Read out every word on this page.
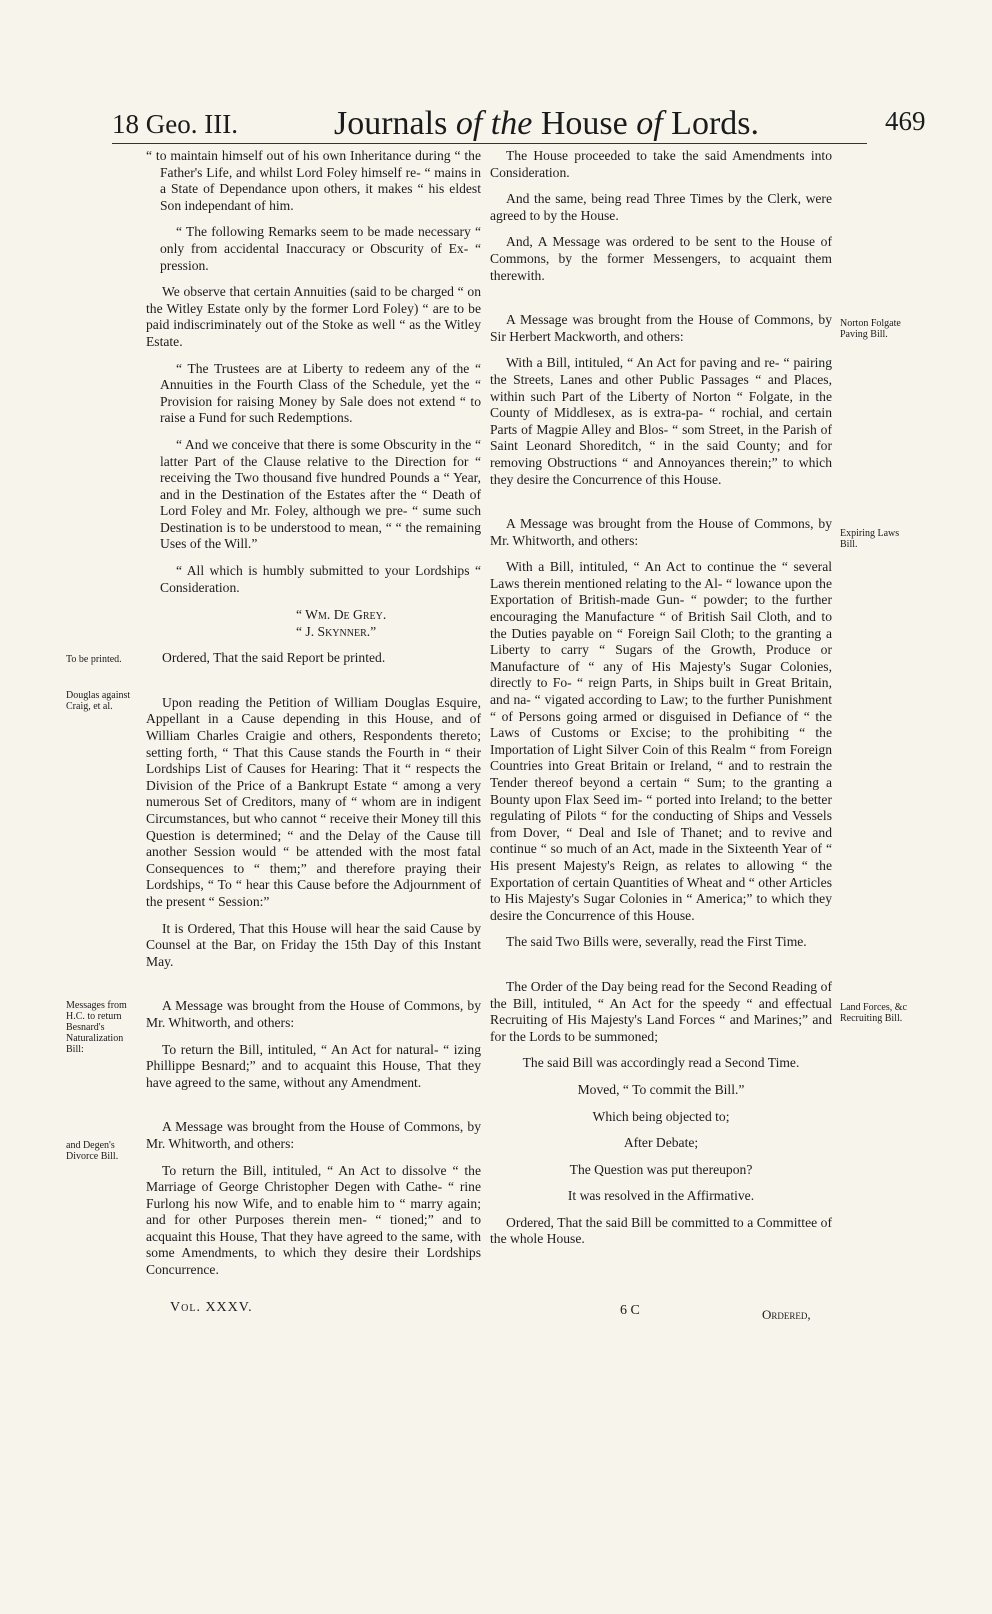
18 Geo. III.	Journals of the House of Lords.	469

“ to maintain himself out of his own Inheritance during “ the Father's Life, and whilst Lord Foley himself re- “ mains in a State of Dependance upon others, it makes “ his eldest Son independant of him.

“ The following Remarks seem to be made necessary “ only from accidental Inaccuracy or Obscurity of Ex- “ pression.

We observe that certain Annuities (said to be charged “ on the Witley Estate only by the former Lord Foley) “ are to be paid indiscriminately out of the Stoke as well “ as the Witley Estate.

“ The Trustees are at Liberty to redeem any of the “ Annuities in the Fourth Class of the Schedule, yet the “ Provision for raising Money by Sale does not extend “ to raise a Fund for such Redemptions.

“ And we conceive that there is some Obscurity in the “ latter Part of the Clause relative to the Direction for “ receiving the Two thousand five hundred Pounds a “ Year, and in the Destination of the Estates after the “ Death of Lord Foley and Mr. Foley, although we pre- “ sume such Destination is to be understood to mean, “ “ the remaining Uses of the Will.”

“ All which is humbly submitted to your Lordships “ Consideration.

“ Wm. De Grey.
“ J. Skynner.”

Ordered, That the said Report be printed.

Upon reading the Petition of William Douglas Esquire, Appellant in a Cause depending in this House, and of William Charles Craigie and others, Respondents thereto; setting forth, “ That this Cause stands the Fourth in “ their Lordships List of Causes for Hearing: That it “ respects the Division of the Price of a Bankrupt Estate “ among a very numerous Set of Creditors, many of “ whom are in indigent Circumstances, but who cannot “ receive their Money till this Question is determined; “ and the Delay of the Cause till another Session would “ be attended with the most fatal Consequences to “ them;” and therefore praying their Lordships, “ To “ hear this Cause before the Adjournment of the present “ Session:”

It is Ordered, That this House will hear the said Cause by Counsel at the Bar, on Friday the 15th Day of this Instant May.

A Message was brought from the House of Commons, by Mr. Whitworth, and others:

To return the Bill, intituled, “ An Act for natural- “ izing Phillippe Besnard;” and to acquaint this House, That they have agreed to the same, without any Amendment.

A Message was brought from the House of Commons, by Mr. Whitworth, and others:

To return the Bill, intituled, “ An Act to dissolve “ the Marriage of George Christopher Degen with Cathe- “ rine Furlong his now Wife, and to enable him to “ marry again; and for other Purposes therein men- “ tioned;” and to acquaint this House, That they have agreed to the same, with some Amendments, to which they desire their Lordships Concurrence.

The House proceeded to take the said Amendments into Consideration.

And the same, being read Three Times by the Clerk, were agreed to by the House.

And, A Message was ordered to be sent to the House of Commons, by the former Messengers, to acquaint them therewith.

A Message was brought from the House of Commons, by Sir Herbert Mackworth, and others:

With a Bill, intituled, “ An Act for paving and re- “ pairing the Streets, Lanes and other Public Passages “ and Places, within such Part of the Liberty of Norton “ Folgate, in the County of Middlesex, as is extra-pa- “ rochial, and certain Parts of Magpie Alley and Blos- “ som Street, in the Parish of Saint Leonard Shoreditch, “ in the said County; and for removing Obstructions “ and Annoyances therein;” to which they desire the Concurrence of this House.

A Message was brought from the House of Commons, by Mr. Whitworth, and others:

With a Bill, intituled, “ An Act to continue the “ several Laws therein mentioned relating to the Al- “ lowance upon the Exportation of British-made Gun- “ powder; to the further encouraging the Manufacture “ of British Sail Cloth, and to the Duties payable on “ Foreign Sail Cloth; to the granting a Liberty to carry “ Sugars of the Growth, Produce or Manufacture of “ any of His Majesty's Sugar Colonies, directly to Fo- “ reign Parts, in Ships built in Great Britain, and na- “ vigated according to Law; to the further Punishment “ of Persons going armed or disguised in Defiance of “ the Laws of Customs or Excise; to the prohibiting “ the Importation of Light Silver Coin of this Realm “ from Foreign Countries into Great Britain or Ireland, “ and to restrain the Tender thereof beyond a certain “ Sum; to the granting a Bounty upon Flax Seed im- “ ported into Ireland; to the better regulating of Pilots “ for the conducting of Ships and Vessels from Dover, “ Deal and Isle of Thanet; and to revive and continue “ so much of an Act, made in the Sixteenth Year of “ His present Majesty's Reign, as relates to allowing “ the Exportation of certain Quantities of Wheat and “ other Articles to His Majesty's Sugar Colonies in “ America;” to which they desire the Concurrence of this House.

The said Two Bills were, severally, read the First Time.

The Order of the Day being read for the Second Reading of the Bill, intituled, “ An Act for the speedy “ and effectual Recruiting of His Majesty's Land Forces “ and Marines;” and for the Lords to be summoned;

The said Bill was accordingly read a Second Time.

Moved, “ To commit the Bill.”

Which being objected to;

After Debate;

The Question was put thereupon?

It was resolved in the Affirmative.

Ordered, That the said Bill be committed to a Committee of the whole House.

To be printed.
Douglas against Craig, et al.
Messages from H.C. to return Besnard's Naturalization Bill:
and Degen's Divorce Bill.
Norton Folgate Paving Bill.
Expiring Laws Bill.
Land Forces, &c Recruiting Bill.
Vol. XXXV.	6 C	Ordered,
